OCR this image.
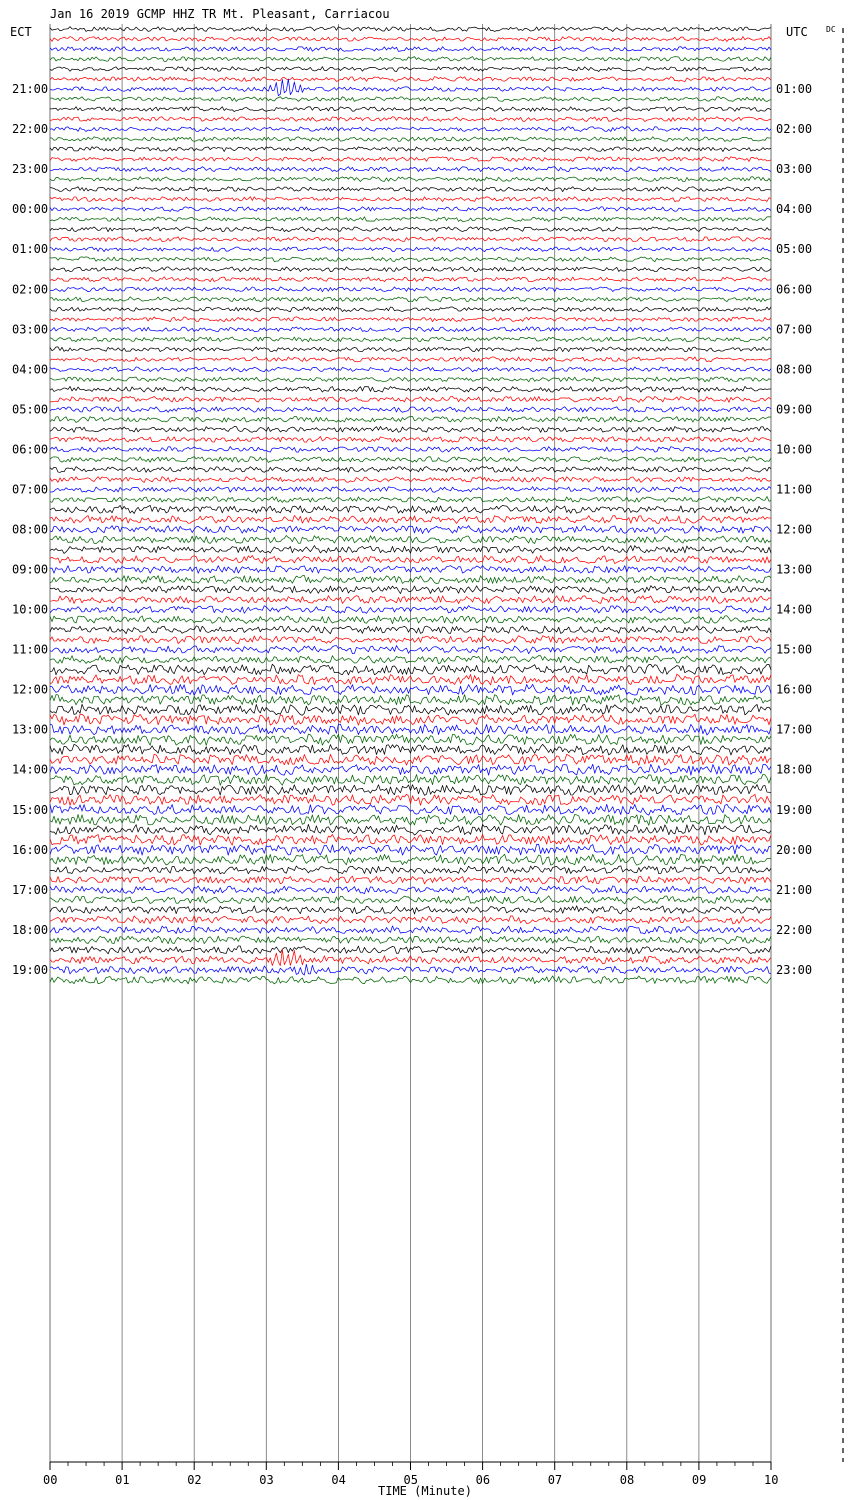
Jan 16 2019 GCMP HHZ TR Mt. Pleasant, Carriacou
ECT	UTC DC
21:00
22:00
23:00
00:00
01:00
02:00
03:00
04:00
05:00
06:00
07:00
08:00
09:00
10:00
11:00
12:00
13:00
14:00
15:00
16:00
17:00
18:00
19:00
01:00
02:00
03:00
04:00
05:00
06:00
07:00
08:00
09:00
10:00
11:00
12:00
13:00
14:00
15:00
16:00
17:00
18:00
19:00
20:00
21:00
22:00
23:00
00	01	02	03	04	05	06	07	08	09	10
TIME (Minute)
